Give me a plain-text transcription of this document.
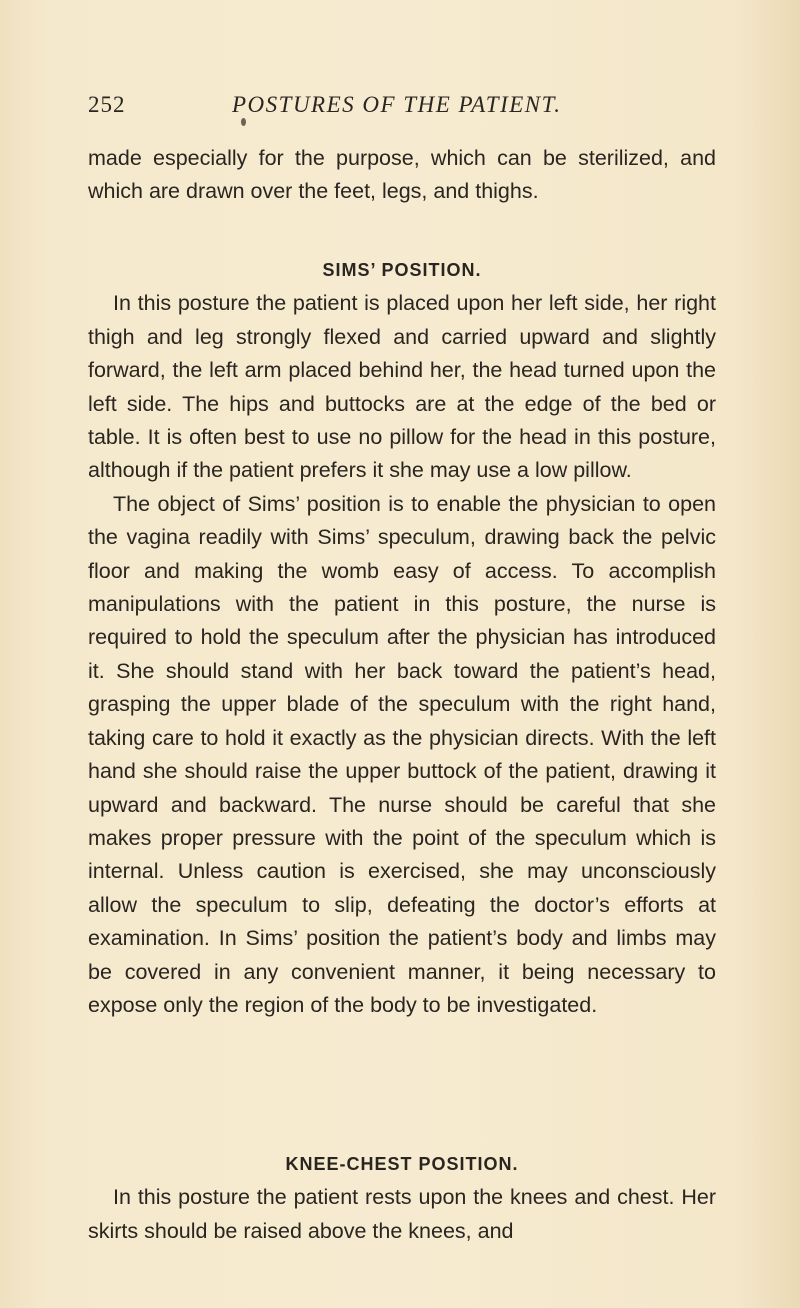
252	POSTURES OF THE PATIENT.

made especially for the purpose, which can be sterilized, and which are drawn over the feet, legs, and thighs.

SIMS’ POSITION.

In this posture the patient is placed upon her left side, her right thigh and leg strongly flexed and carried upward and slightly forward, the left arm placed behind her, the head turned upon the left side. The hips and buttocks are at the edge of the bed or table. It is often best to use no pillow for the head in this posture, although if the patient prefers it she may use a low pillow.

The object of Sims’ position is to enable the physician to open the vagina readily with Sims’ speculum, drawing back the pelvic floor and making the womb easy of access. To accomplish manipulations with the patient in this posture, the nurse is required to hold the speculum after the physician has introduced it. She should stand with her back toward the patient’s head, grasping the upper blade of the speculum with the right hand, taking care to hold it exactly as the physician directs. With the left hand she should raise the upper buttock of the patient, drawing it upward and backward. The nurse should be careful that she makes proper pressure with the point of the speculum which is internal. Unless caution is exercised, she may unconsciously allow the speculum to slip, defeating the doctor’s efforts at examination. In Sims’ position the patient’s body and limbs may be covered in any convenient manner, it being necessary to expose only the region of the body to be investigated.

KNEE-CHEST POSITION.

In this posture the patient rests upon the knees and chest. Her skirts should be raised above the knees, and
